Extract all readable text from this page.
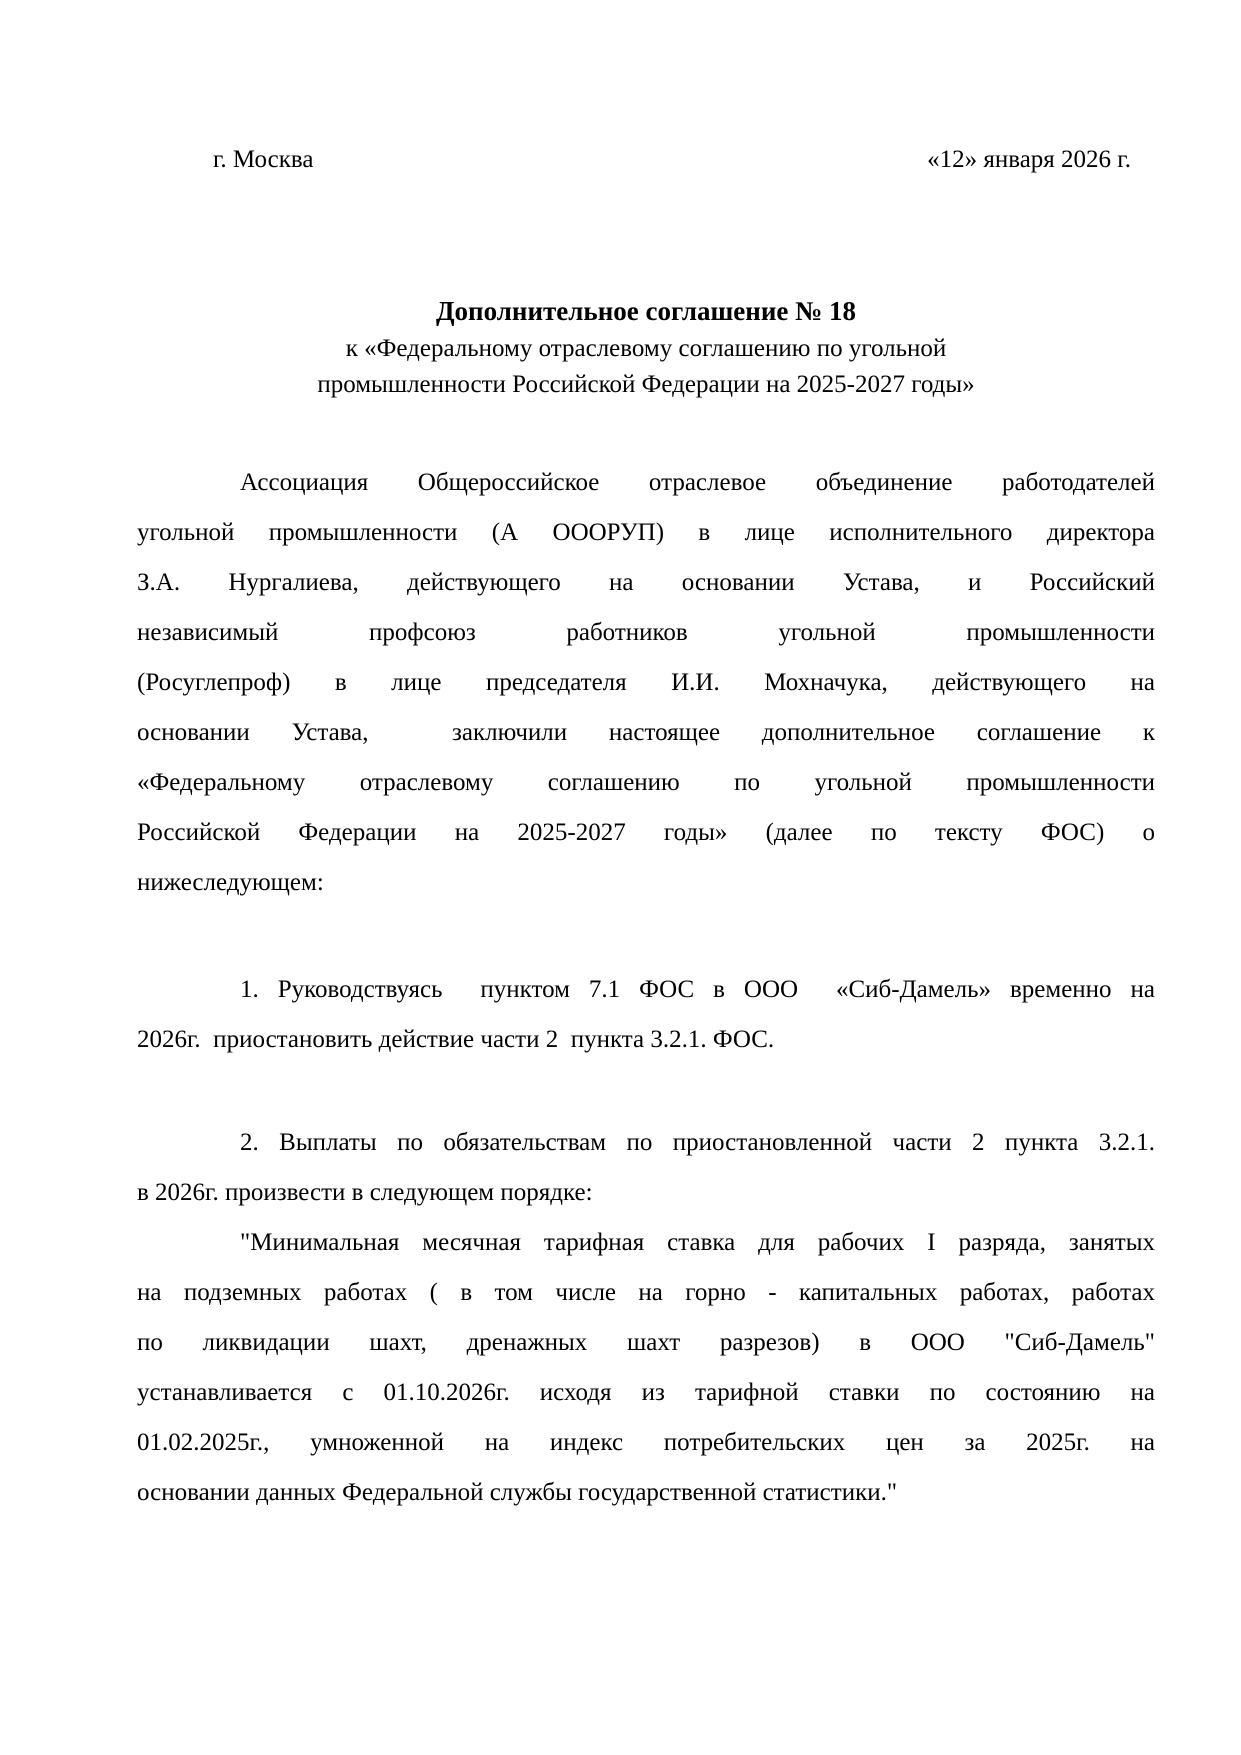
г. Москва	«12» января 2026 г.
Дополнительное соглашение № 18
к «Федеральному отраслевому соглашению по угольной
промышленности Российской Федерации на 2025-2027 годы»
Ассоциация Общероссийское отраслевое объединение работодателей
угольной промышленности (А ОООРУП) в лице исполнительного директора
З.А. Нургалиева, действующего на основании Устава, и Российский
независимый профсоюз работников угольной промышленности
(Росуглепроф) в лице председателя И.И. Мохначука, действующего на
основании Устава,  заключили настоящее дополнительное соглашение к
«Федеральному отраслевому соглашению по угольной промышленности
Российской Федерации на 2025-2027 годы» (далее по тексту ФОС) о
нижеследующем:
1. Руководствуясь  пунктом 7.1 ФОС в ООО  «Сиб-Дамель» временно на
2026г.  приостановить действие части 2  пункта 3.2.1. ФОС.
2. Выплаты по обязательствам по приостановленной части 2 пункта 3.2.1.
в 2026г. произвести в следующем порядке:
"Минимальная месячная тарифная ставка для рабочих I разряда, занятых
на подземных работах ( в том числе на горно - капитальных работах, работах
по ликвидации шахт, дренажных шахт разрезов) в ООО "Сиб-Дамель"
устанавливается с 01.10.2026г. исходя из тарифной ставки по состоянию на
01.02.2025г., умноженной на индекс потребительских цен за 2025г. на
основании данных Федеральной службы государственной статистики."
